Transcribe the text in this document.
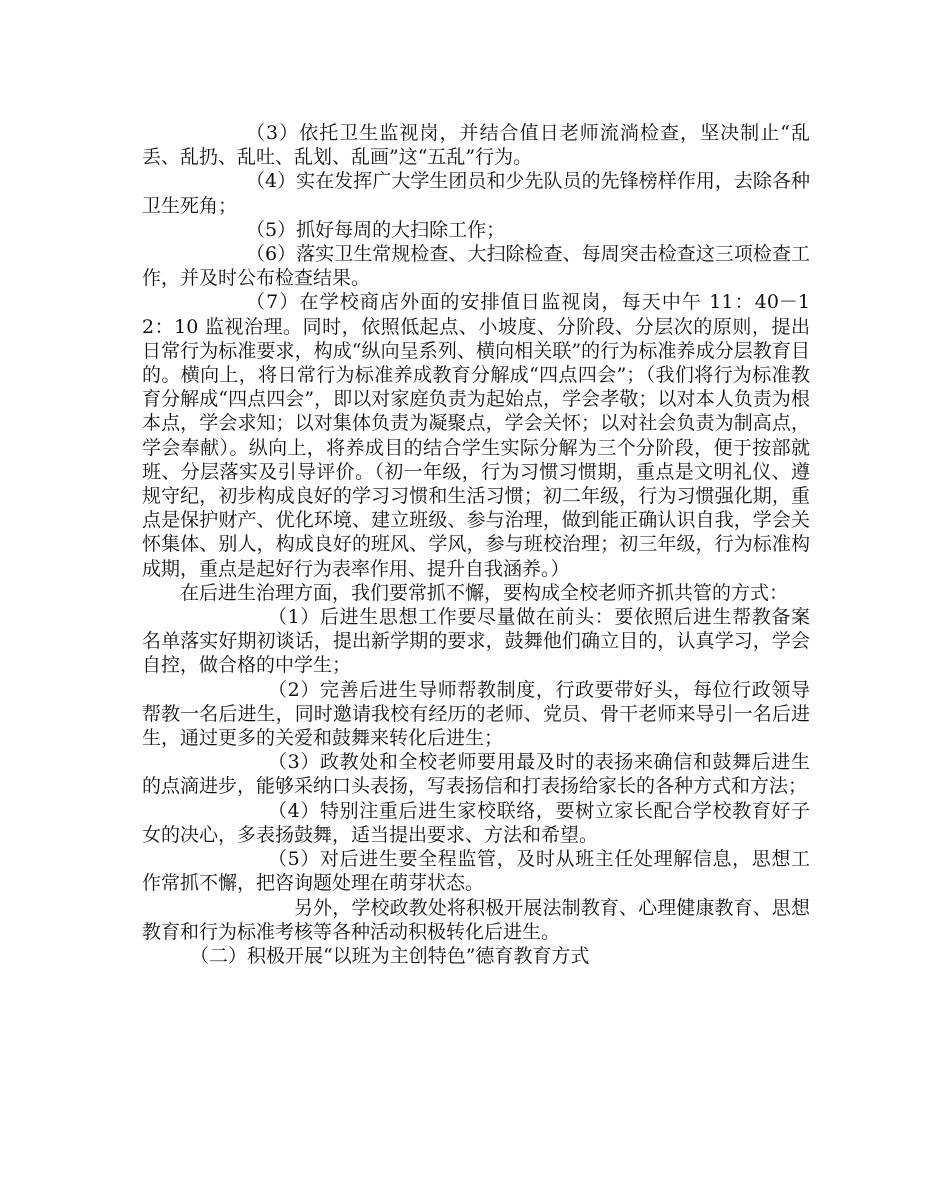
（3）依托卫生监视岗，并结合值日老师流淌检查，坚决制止“乱丢、乱扔、乱吐、乱划、乱画”这“五乱”行为。

（4）实在发挥广大学生团员和少先队员的先锋榜样作用，去除各种卫生死角；

（5）抓好每周的大扫除工作；

（6）落实卫生常规检查、大扫除检查、每周突击检查这三项检查工作，并及时公布检查结果。

（7）在学校商店外面的安排值日监视岗，每天中午 11：40－12：10 监视治理。同时，依照低起点、小坡度、分阶段、分层次的原则，提出日常行为标准要求，构成“纵向呈系列、横向相关联”的行为标准养成分层教育目的。横向上，将日常行为标准养成教育分解成“四点四会”；（我们将行为标准教育分解成“四点四会”，即以对家庭负责为起始点，学会孝敬；以对本人负责为根本点，学会求知；以对集体负责为凝聚点，学会关怀；以对社会负责为制高点，学会奉献）。纵向上，将养成目的结合学生实际分解为三个分阶段，便于按部就班、分层落实及引导评价。（初一年级，行为习惯习惯期，重点是文明礼仪、遵规守纪，初步构成良好的学习习惯和生活习惯；初二年级，行为习惯强化期，重点是保护财产、优化环境、建立班级、参与治理，做到能正确认识自我，学会关怀集体、别人，构成良好的班风、学风，参与班校治理；初三年级，行为标准构成期，重点是起好行为表率作用、提升自我涵养。）

在后进生治理方面，我们要常抓不懈，要构成全校老师齐抓共管的方式：

（1）后进生思想工作要尽量做在前头：要依照后进生帮教备案名单落实好期初谈话，提出新学期的要求，鼓舞他们确立目的，认真学习，学会自控，做合格的中学生；

（2）完善后进生导师帮教制度，行政要带好头，每位行政领导帮教一名后进生，同时邀请我校有经历的老师、党员、骨干老师来导引一名后进生，通过更多的关爱和鼓舞来转化后进生；

（3）政教处和全校老师要用最及时的表扬来确信和鼓舞后进生的点滴进步，能够采纳口头表扬，写表扬信和打表扬给家长的各种方式和方法；

（4）特别注重后进生家校联络，要树立家长配合学校教育好子女的决心，多表扬鼓舞，适当提出要求、方法和希望。

（5）对后进生要全程监管，及时从班主任处理解信息，思想工作常抓不懈，把咨询题处理在萌芽状态。

另外，学校政教处将积极开展法制教育、心理健康教育、思想教育和行为标准考核等各种活动积极转化后进生。

（二）积极开展“以班为主创特色”德育教育方式
